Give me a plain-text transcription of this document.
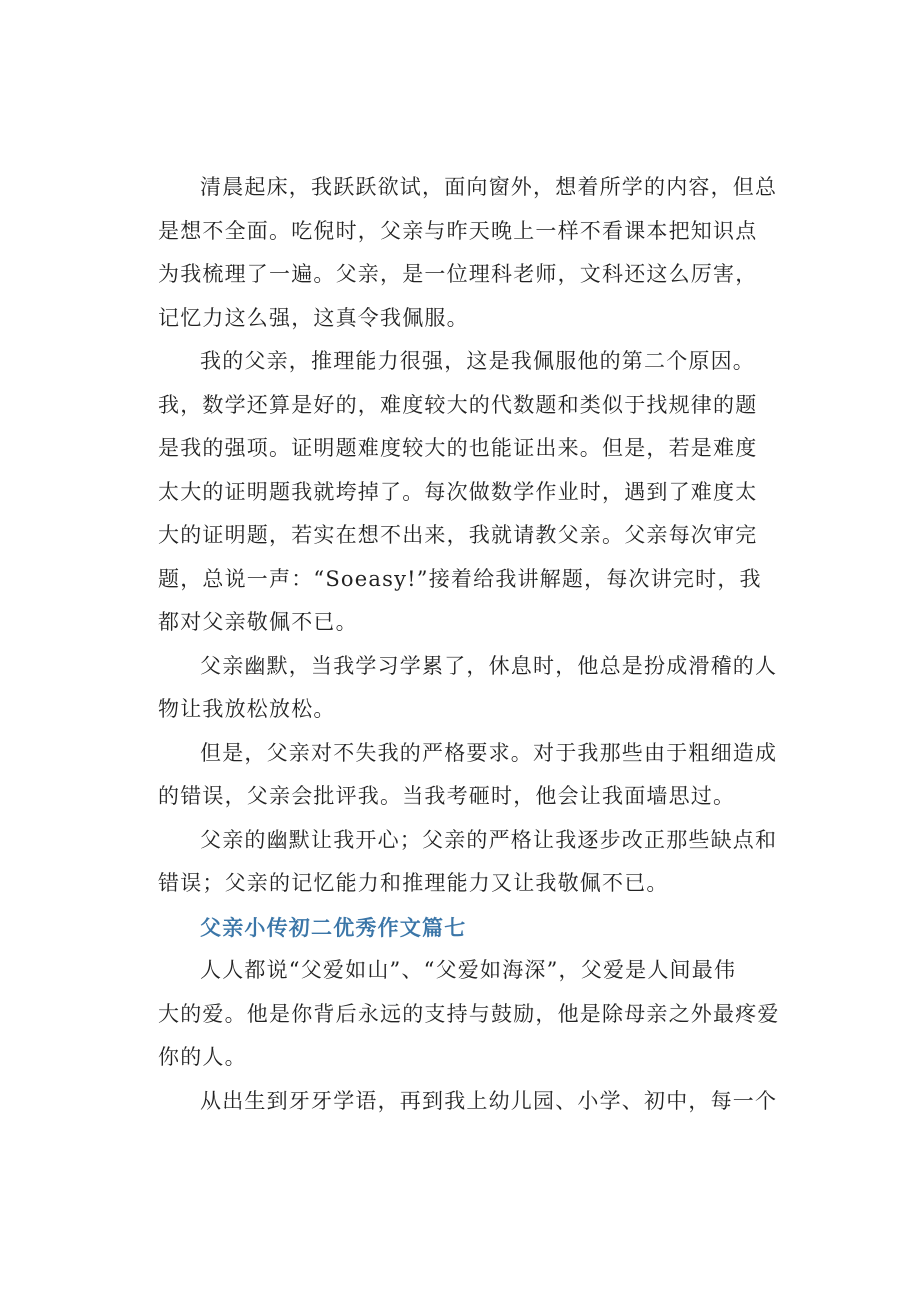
清晨起床，我跃跃欲试，面向窗外，想着所学的内容，但总
是想不全面。吃倪时，父亲与昨天晚上一样不看课本把知识点
为我梳理了一遍。父亲，是一位理科老师，文科还这么厉害，
记忆力这么强，这真令我佩服。
我的父亲，推理能力很强，这是我佩服他的第二个原因。
我，数学还算是好的，难度较大的代数题和类似于找规律的题
是我的强项。证明题难度较大的也能证出来。但是，若是难度
太大的证明题我就垮掉了。每次做数学作业时，遇到了难度太
大的证明题，若实在想不出来，我就请教父亲。父亲每次审完
题，总说一声：“Soeasy!”接着给我讲解题，每次讲完时，我
都对父亲敬佩不已。
父亲幽默，当我学习学累了，休息时，他总是扮成滑稽的人
物让我放松放松。
但是，父亲对不失我的严格要求。对于我那些由于粗细造成
的错误，父亲会批评我。当我考砸时，他会让我面墙思过。
父亲的幽默让我开心；父亲的严格让我逐步改正那些缺点和
错误；父亲的记忆能力和推理能力又让我敬佩不已。
父亲小传初二优秀作文篇七
人人都说“父爱如山”、“父爱如海深”，父爱是人间最伟
大的爱。他是你背后永远的支持与鼓励，他是除母亲之外最疼爱
你的人。
从出生到牙牙学语，再到我上幼儿园、小学、初中，每一个
